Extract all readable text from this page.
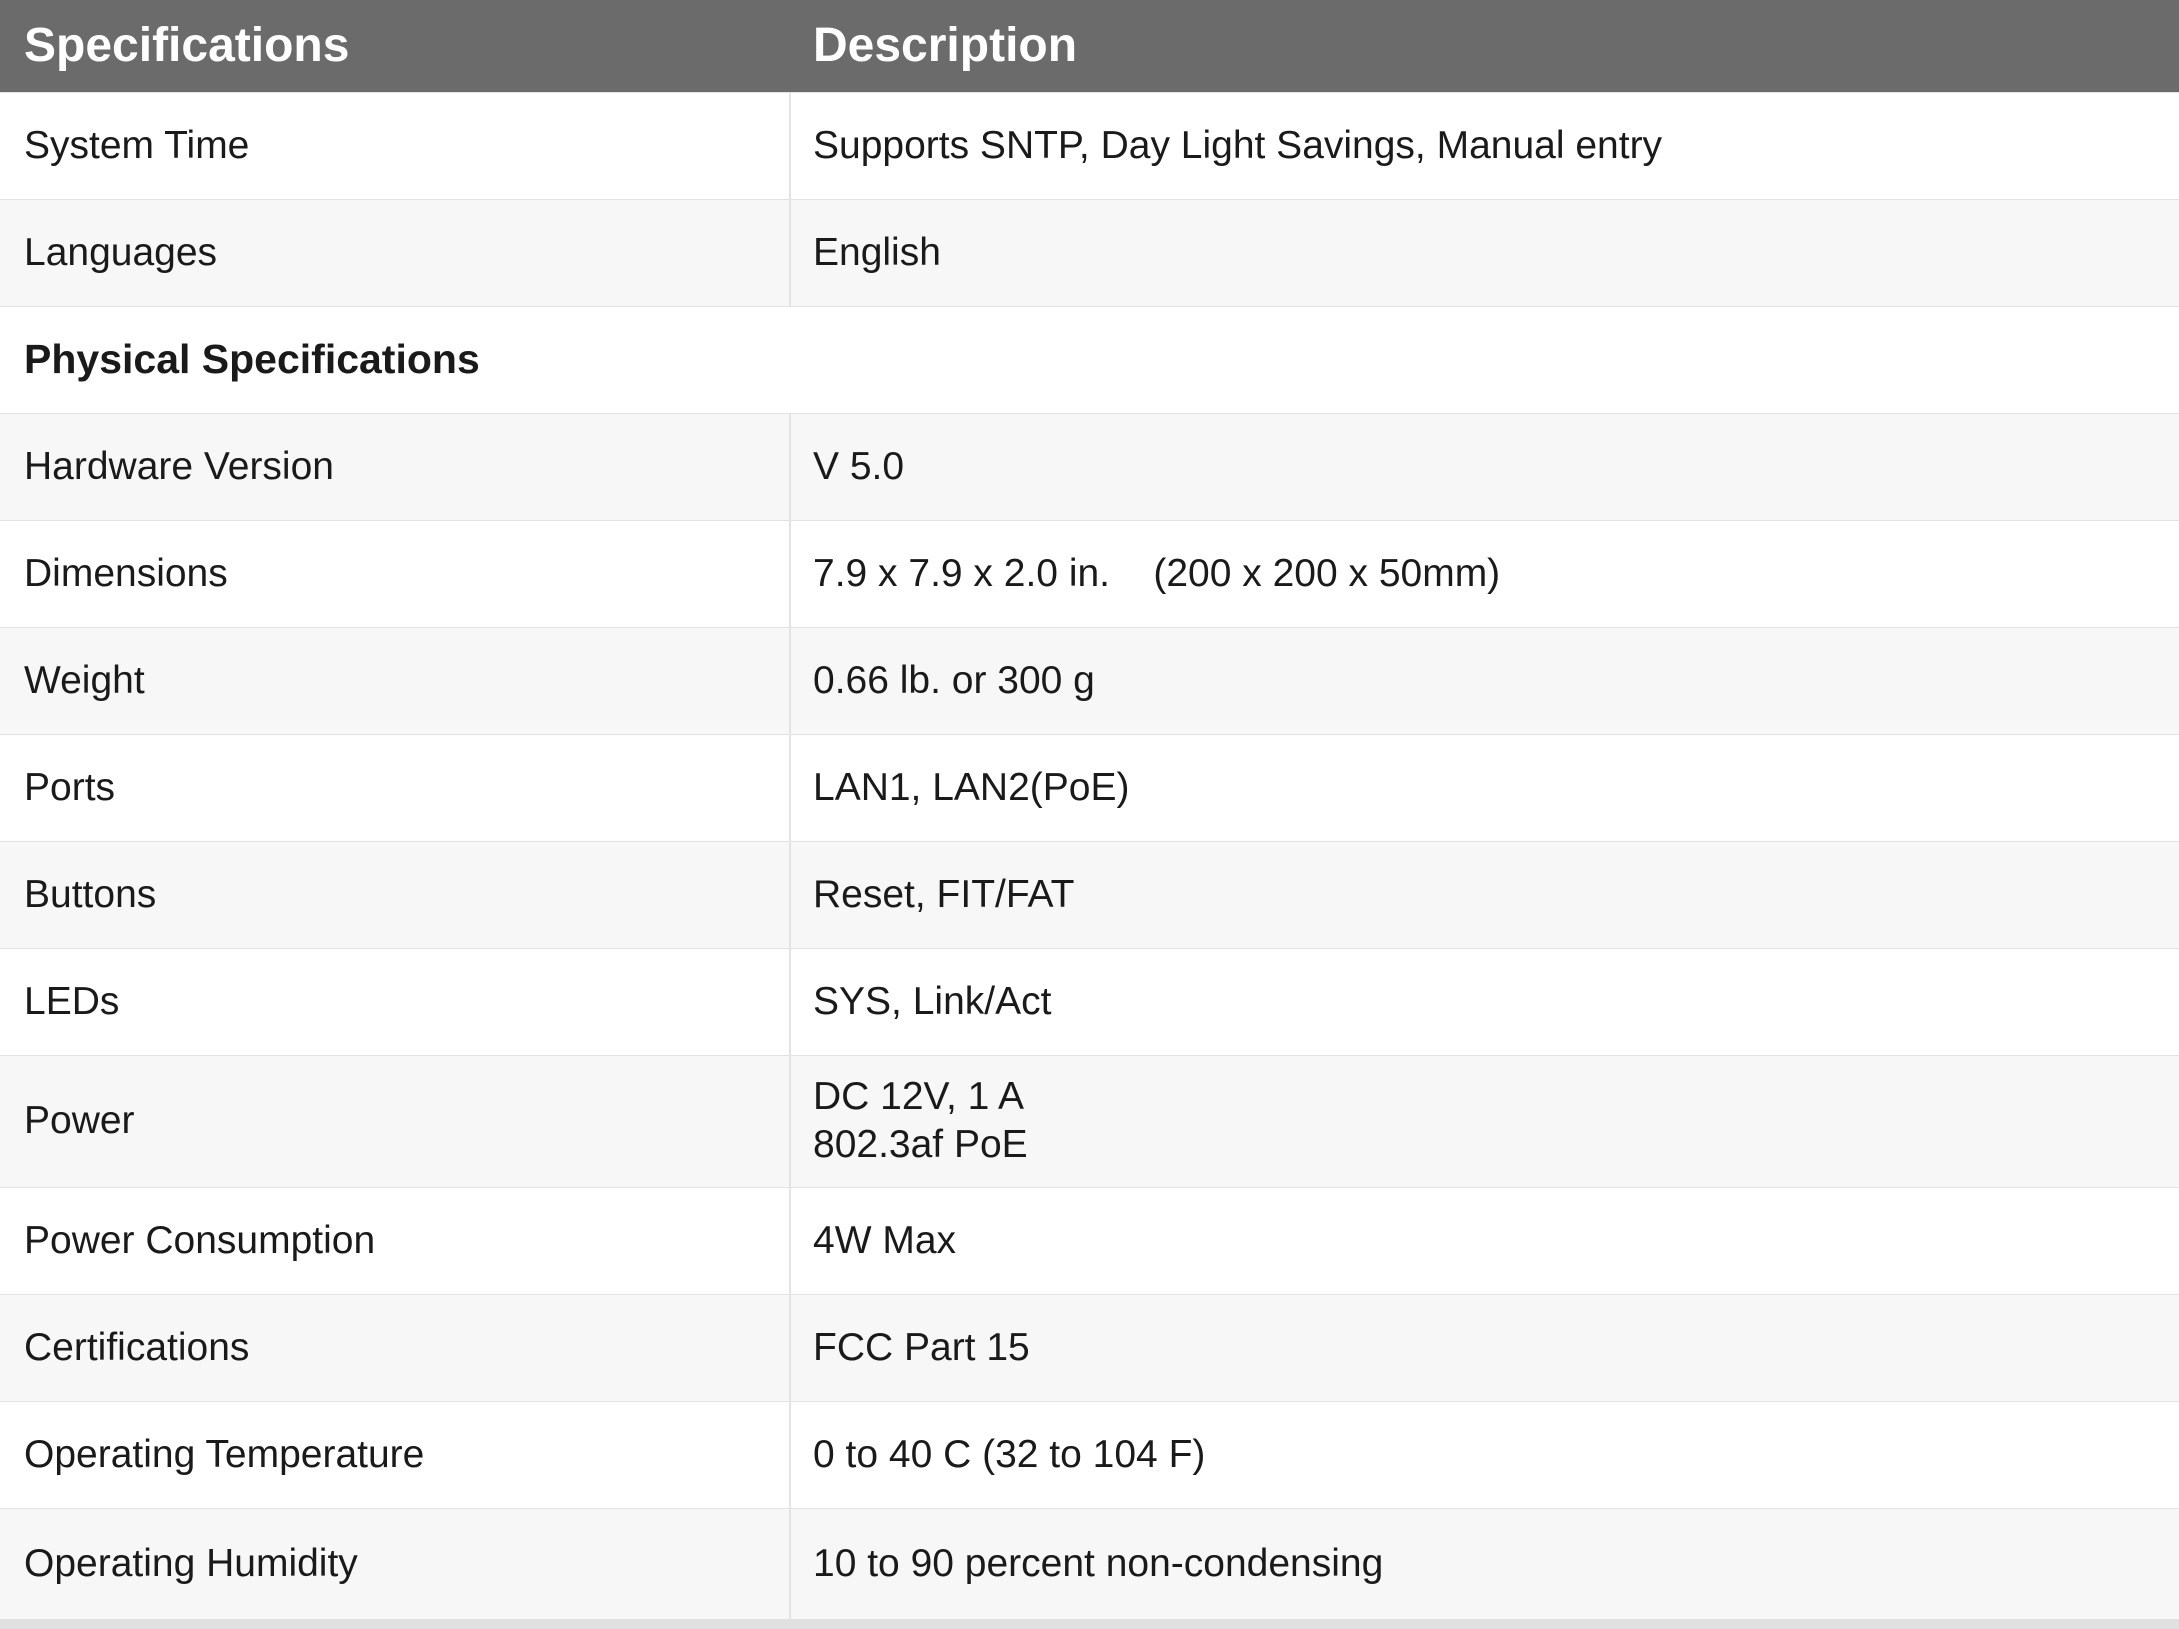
Specifications	Description
System Time	Supports SNTP, Day Light Savings, Manual entry
Languages	English
Physical Specifications	
Hardware Version	V 5.0
Dimensions	7.9 x 7.9 x 2.0 in.    (200 x 200 x 50mm)
Weight	0.66 lb. or 300 g
Ports	LAN1, LAN2(PoE)
Buttons	Reset, FIT/FAT
LEDs	SYS, Link/Act
Power	DC 12V, 1 A
802.3af PoE

Power Consumption	4W Max
Certifications	FCC Part 15
Operating Temperature	0 to 40 C (32 to 104 F)
Operating Humidity	10 to 90 percent non-condensing
